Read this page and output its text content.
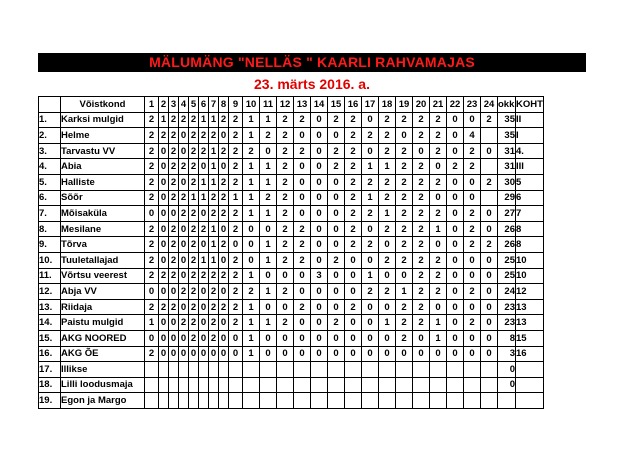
MÄLUMÄNG "NELLÄS " KAARLI RAHVAMAJAS
23. märts 2016. a.
	Võistkond	1	2	3	4	5	6	7	8	9	10	11	12	13	14	15	16	17	18	19	20	21	22	23	24	okk	KOHT
1.	Karksi mulgid	2	1	2	2	2	1	1	2	2	1	1	2	2	0	2	2	0	2	2	2	2	0	0	2	35	II
2.	Helme	2	2	2	0	2	2	2	0	2	1	2	2	0	0	0	2	2	2	0	2	2	0	4		35	I
3.	Tarvastu VV	2	0	2	0	2	2	1	2	2	2	0	2	2	0	2	2	0	2	2	0	2	0	2	0	31	4.
4.	Abia	2	0	2	2	2	0	1	0	2	1	1	2	0	0	2	2	1	1	2	2	0	2	2		31	III
5.	Halliste	2	0	2	0	2	1	1	2	2	1	1	2	0	0	0	2	2	2	2	2	2	0	0	2	30	5
6.	Sõõr	2	0	2	2	1	1	2	2	1	1	2	2	0	0	0	2	1	2	2	2	0	0	0		29	6
7.	Mõisaküla	0	0	0	2	2	0	2	2	2	1	1	2	0	0	0	2	2	1	2	2	2	0	2	0	27	7
8.	Mesilane	2	0	2	0	2	2	1	0	2	0	0	2	2	0	0	2	0	2	2	2	1	0	2	0	26	8
9.	Tõrva	2	0	2	0	2	0	1	2	0	0	1	2	2	0	0	2	2	0	2	2	0	0	2	2	26	8
10.	Tuuletallajad	2	0	2	0	2	1	1	0	2	0	1	2	2	0	2	0	0	2	2	2	2	0	0	0	25	10
11.	Võrtsu veerest	2	2	2	0	2	2	2	2	2	1	0	0	0	3	0	0	1	0	0	2	2	0	0	0	25	10
12.	Abja VV	0	0	0	2	2	0	2	0	2	2	1	2	0	0	0	0	2	2	1	2	2	0	2	0	24	12
13.	Riidaja	2	2	2	0	2	0	2	2	2	1	0	0	2	0	0	2	0	0	2	2	0	0	0	0	23	13
14.	Paistu mulgid	1	0	0	2	2	0	2	0	2	1	1	2	0	0	2	0	0	1	2	2	1	0	2	0	23	13
15.	AKG NOORED	0	0	0	0	2	0	2	0	0	1	0	0	0	0	0	0	0	0	2	0	1	0	0	0	8	15
16.	AKG ÕE	2	0	0	0	0	0	0	0	0	1	0	0	0	0	0	0	0	0	0	0	0	0	0	0	3	16
17.	Illikse																									0	
18.	Lilli loodusmaja																									0	
19.	Egon ja Margo																										
